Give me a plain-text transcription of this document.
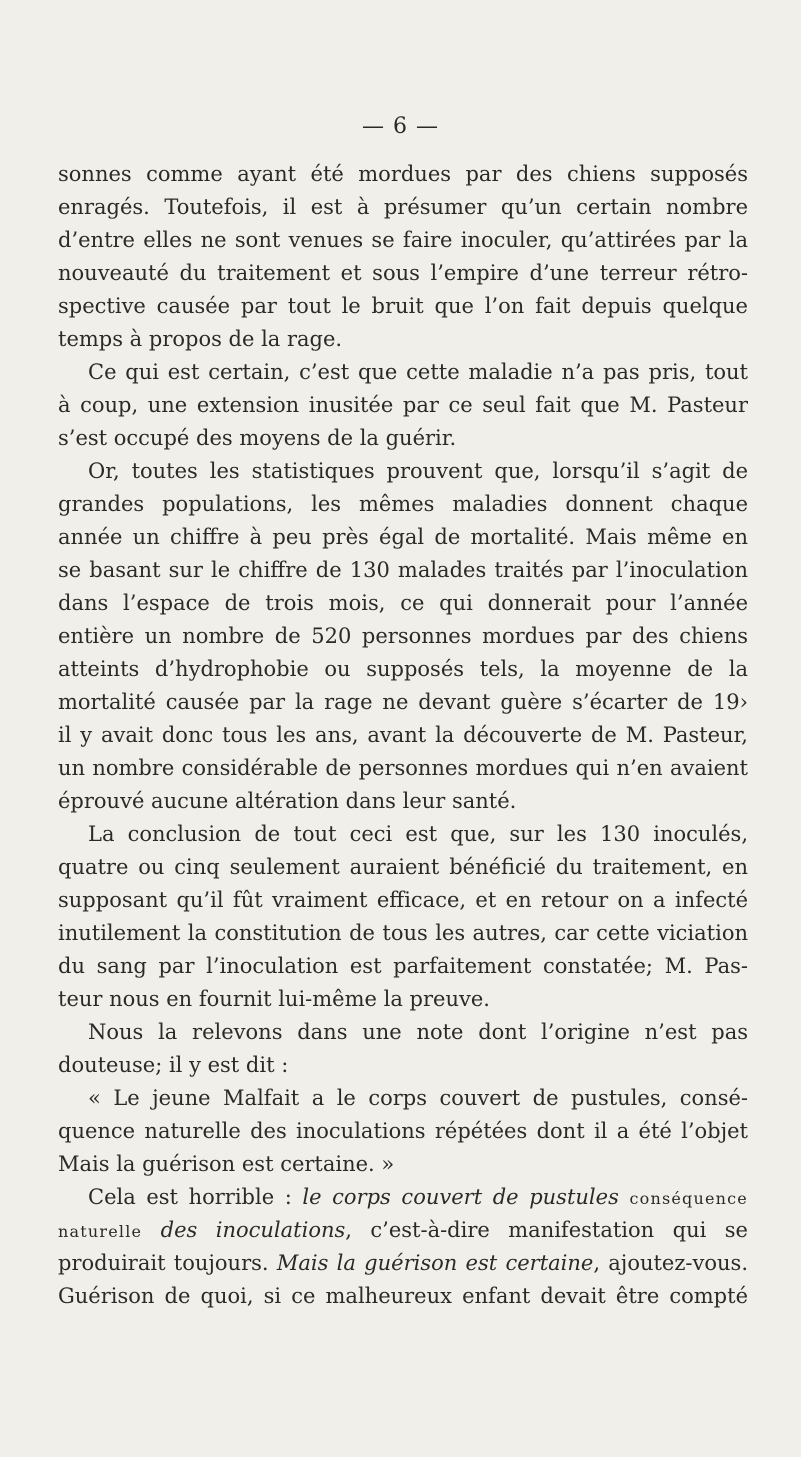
— 6 —
sonnes comme ayant été mordues par des chiens supposés
enragés. Toutefois, il est à présumer qu’un certain nombre
d’entre elles ne sont venues se faire inoculer, qu’attirées par la
nouveauté du traitement et sous l’empire d’une terreur rétro-
spective causée par tout le bruit que l’on fait depuis quelque
temps à propos de la rage.
Ce qui est certain, c’est que cette maladie n’a pas pris, tout
à coup, une extension inusitée par ce seul fait que M. Pasteur
s’est occupé des moyens de la guérir.
Or, toutes les statistiques prouvent que, lorsqu’il s’agit de
grandes populations, les mêmes maladies donnent chaque
année un chiffre à peu près égal de mortalité. Mais même en
se basant sur le chiffre de 130 malades traités par l’inoculation
dans l’espace de trois mois, ce qui donnerait pour l’année
entière un nombre de 520 personnes mordues par des chiens
atteints d’hydrophobie ou supposés tels, la moyenne de la
mortalité causée par la rage ne devant guère s’écarter de 19›
il y avait donc tous les ans, avant la découverte de M. Pasteur,
un nombre considérable de personnes mordues qui n’en avaient
éprouvé aucune altération dans leur santé.
La conclusion de tout ceci est que, sur les 130 inoculés,
quatre ou cinq seulement auraient bénéficié du traitement, en
supposant qu’il fût vraiment efficace, et en retour on a infecté
inutilement la constitution de tous les autres, car cette viciation
du sang par l’inoculation est parfaitement constatée; M. Pas-
teur nous en fournit lui-même la preuve.
Nous la relevons dans une note dont l’origine n’est pas
douteuse; il y est dit :
« Le jeune Malfait a le corps couvert de pustules, consé-
quence naturelle des inoculations répétées dont il a été l’objet
Mais la guérison est certaine. »
Cela est horrible : le corps couvert de pustules conséquence
naturelle des inoculations, c’est-à-dire manifestation qui se
produirait toujours. Mais la guérison est certaine, ajoutez-vous.
Guérison de quoi, si ce malheureux enfant devait être compté
